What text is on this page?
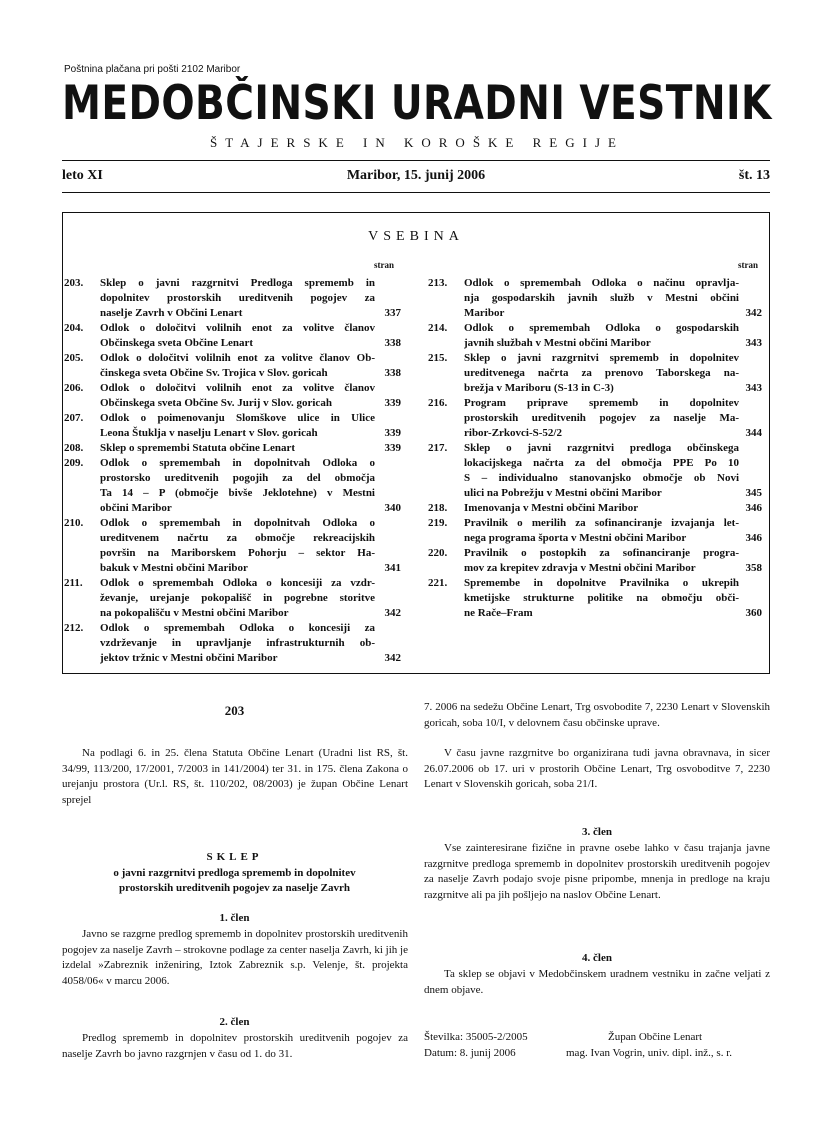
Poštnina plačana pri pošti 2102 Maribor
MEDOBČINSKI URADNI VESTNIK
ŠTAJERSKE IN KOROŠKE REGIJE
leto XI	Maribor, 15. junij 2006	št. 13
VSEBINA
stran	stran
203.	Sklep o javni razgrnitvi Predloga sprememb in
dopolnitev prostorskih ureditvenih pogojev za
naselje Zavrh v Občini Lenart	337
204.	Odlok o določitvi volilnih enot za volitve članov
Občinskega sveta Občine Lenart	338
205.	Odlok o določitvi volilnih enot za volitve članov Ob-
činskega sveta Občine Sv. Trojica v Slov. goricah	338
206.	Odlok o določitvi volilnih enot za volitve članov
Občinskega sveta Občine Sv. Jurij v Slov. goricah	339
207.	Odlok o poimenovanju Slomškove ulice in Ulice
Leona Štuklja v naselju Lenart v Slov. goricah	339
208.	Sklep o spremembi Statuta občine Lenart	339
209.	Odlok o spremembah in dopolnitvah Odloka o
prostorsko ureditvenih pogojih za del območja
Ta 14 – P (območje bivše Jeklotehne) v Mestni
občini Maribor	340
210.	Odlok o spremembah in dopolnitvah Odloka o
ureditvenem načrtu za območje rekreacijskih
površin na Mariborskem Pohorju – sektor Ha-
bakuk v Mestni občini Maribor	341
211.	Odlok o spremembah Odloka o koncesiji za vzdr-
ževanje, urejanje pokopališč in pogrebne storitve
na pokopališču v Mestni občini Maribor	342
212.	Odlok o spremembah Odloka o koncesiji za
vzdrževanje in upravljanje infrastrukturnih ob-
jektov tržnic v Mestni občini Maribor	342
213.	Odlok o spremembah Odloka o načinu opravlja-
nja gospodarskih javnih služb v Mestni občini
Maribor	342
214.	Odlok o spremembah Odloka o gospodarskih
javnih službah v Mestni občini Maribor	343
215.	Sklep o javni razgrnitvi sprememb in dopolnitev
ureditvenega načrta za prenovo Taborskega na-
brežja v Mariboru (S-13 in C-3)	343
216.	Program priprave sprememb in dopolnitev
prostorskih ureditvenih pogojev za naselje Ma-
ribor-Zrkovci-S-52/2	344
217.	Sklep o javni razgrnitvi predloga občinskega
lokacijskega načrta za del območja PPE Po 10
S – individualno stanovanjsko območje ob Novi
ulici na Pobrežju v Mestni občini Maribor	345
218.	Imenovanja v Mestni občini Maribor	346
219.	Pravilnik o merilih za sofinanciranje izvajanja let-
nega programa športa v Mestni občini Maribor	346
220.	Pravilnik o postopkih za sofinanciranje progra-
mov za krepitev zdravja v Mestni občini Maribor	358
221.	Spremembe in dopolnitve Pravilnika o ukrepih
kmetijske strukturne politike na območju obči-
ne Rače–Fram	360
203
Na podlagi 6. in 25. člena Statuta Občine Lenart (Uradni list RS, št. 34/99, 113/200, 17/2001, 7/2003 in 141/2004) ter 31. in 175. člena Zakona o urejanju prostora (Ur.l. RS, št. 110/202, 08/2003) je župan Občine Lenart sprejel
SKLEP
o javni razgrnitvi predloga sprememb in dopolnitev
prostorskih ureditvenih pogojev za naselje Zavrh
1. člen
Javno se razgrne predlog sprememb in dopolnitev prostorskih ureditvenih pogojev za naselje Zavrh – strokovne podlage za center naselja Zavrh, ki jih je izdelal »Zabreznik inženiring, Iztok Zabreznik s.p. Velenje, št. projekta 4058/06« v marcu 2006.
2. člen
Predlog sprememb in dopolnitev prostorskih ureditvenih pogojev za naselje Zavrh bo javno razgrnjen v času od 1. do 31.
7. 2006 na sedežu Občine Lenart, Trg osvobodite 7, 2230 Lenart v Slovenskih goricah, soba 10/I, v delovnem času občinske uprave.
V času javne razgrnitve bo organizirana tudi javna obravnava, in sicer 26.07.2006 ob 17. uri v prostorih Občine Lenart, Trg osvoboditve 7, 2230 Lenart v Slovenskih goricah, soba 21/I.
3. člen
Vse zainteresirane fizične in pravne osebe lahko v času trajanja javne razgrnitve predloga sprememb in dopolnitev prostorskih ureditvenih pogojev za naselje Zavrh podajo svoje pisne pripombe, mnenja in predloge na kraju razgrnitve ali pa jih pošljejo na naslov Občine Lenart.
4. člen
Ta sklep se objavi v Medobčinskem uradnem vestniku in začne veljati z dnem objave.
Številka: 35005-2/2005
Datum: 8. junij 2006
Župan Občine Lenart
mag. Ivan Vogrin, univ. dipl. inž., s. r.
